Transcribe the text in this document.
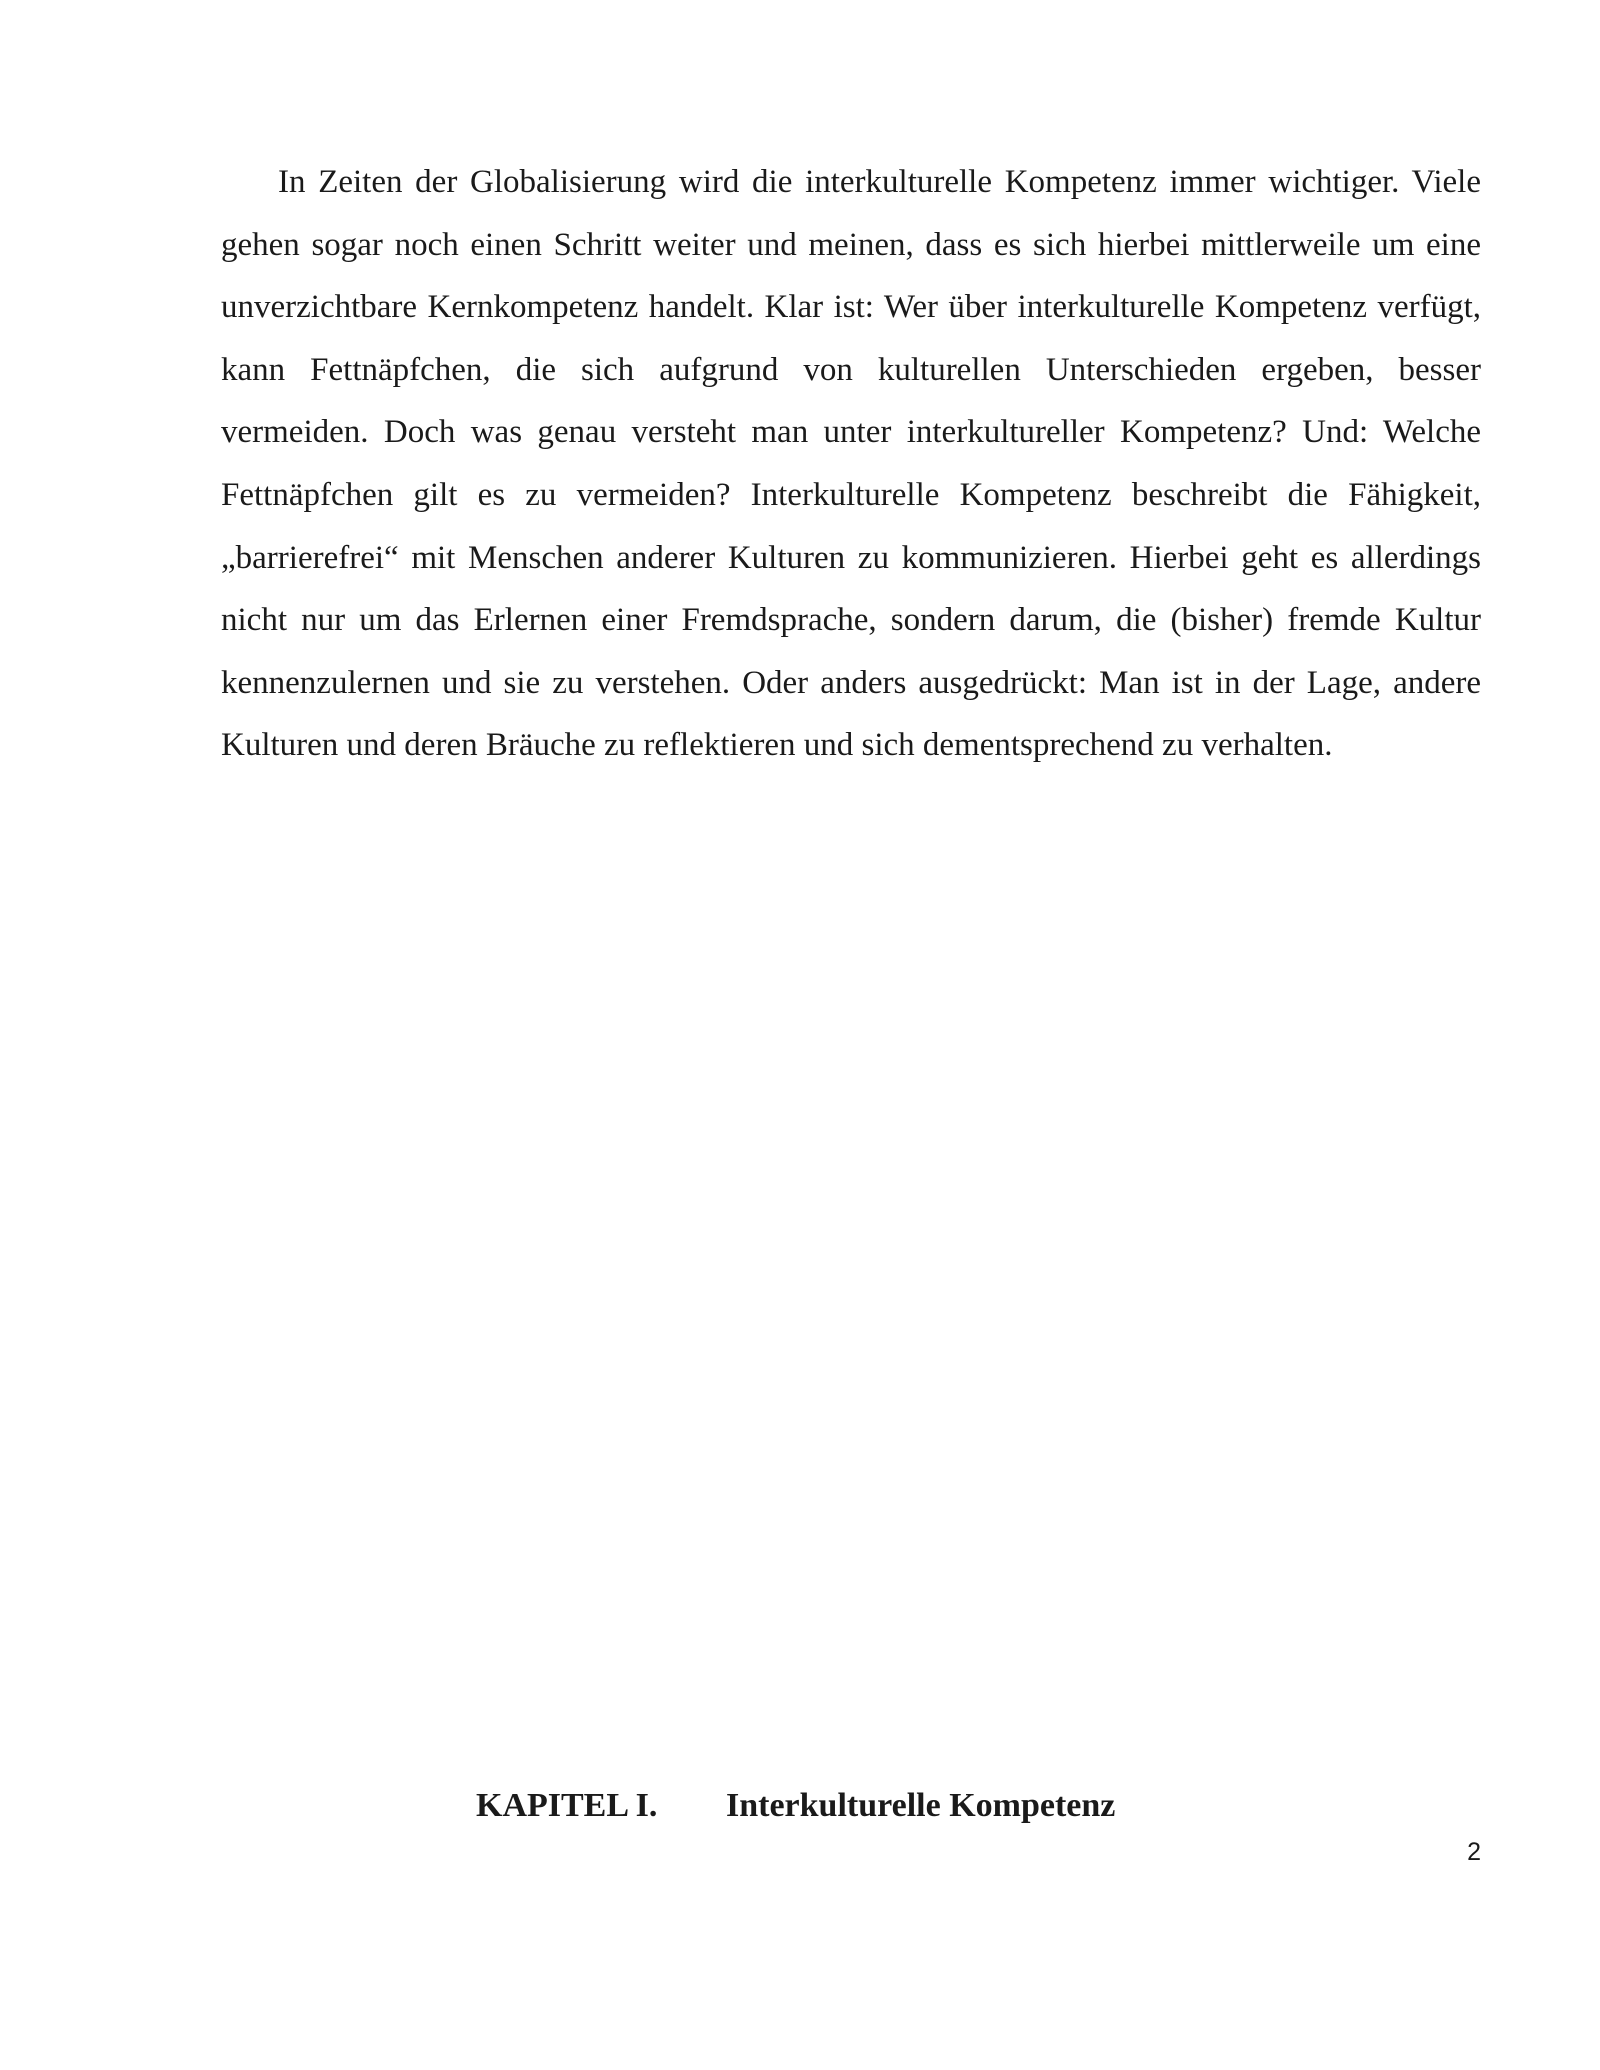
In Zeiten der Globalisierung wird die interkulturelle Kompetenz immer wichtiger. Viele gehen sogar noch einen Schritt weiter und meinen, dass es sich hierbei mittlerweile um eine unverzichtbare Kernkompetenz handelt. Klar ist: Wer über interkulturelle Kompetenz verfügt, kann Fettnäpfchen, die sich aufgrund von kulturellen Unterschieden ergeben, besser vermeiden. Doch was genau versteht man unter interkultureller Kompetenz? Und: Welche Fettnäpfchen gilt es zu vermeiden? Interkulturelle Kompetenz beschreibt die Fähigkeit, „barrierefrei“ mit Menschen anderer Kulturen zu kommunizieren. Hierbei geht es allerdings nicht nur um das Erlernen einer Fremdsprache, sondern darum, die (bisher) fremde Kultur kennenzulernen und sie zu verstehen. Oder anders ausgedrückt: Man ist in der Lage, andere Kulturen und deren Bräuche zu reflektieren und sich dementsprechend zu verhalten.

KAPITEL I. Interkulturelle Kompetenz
2
